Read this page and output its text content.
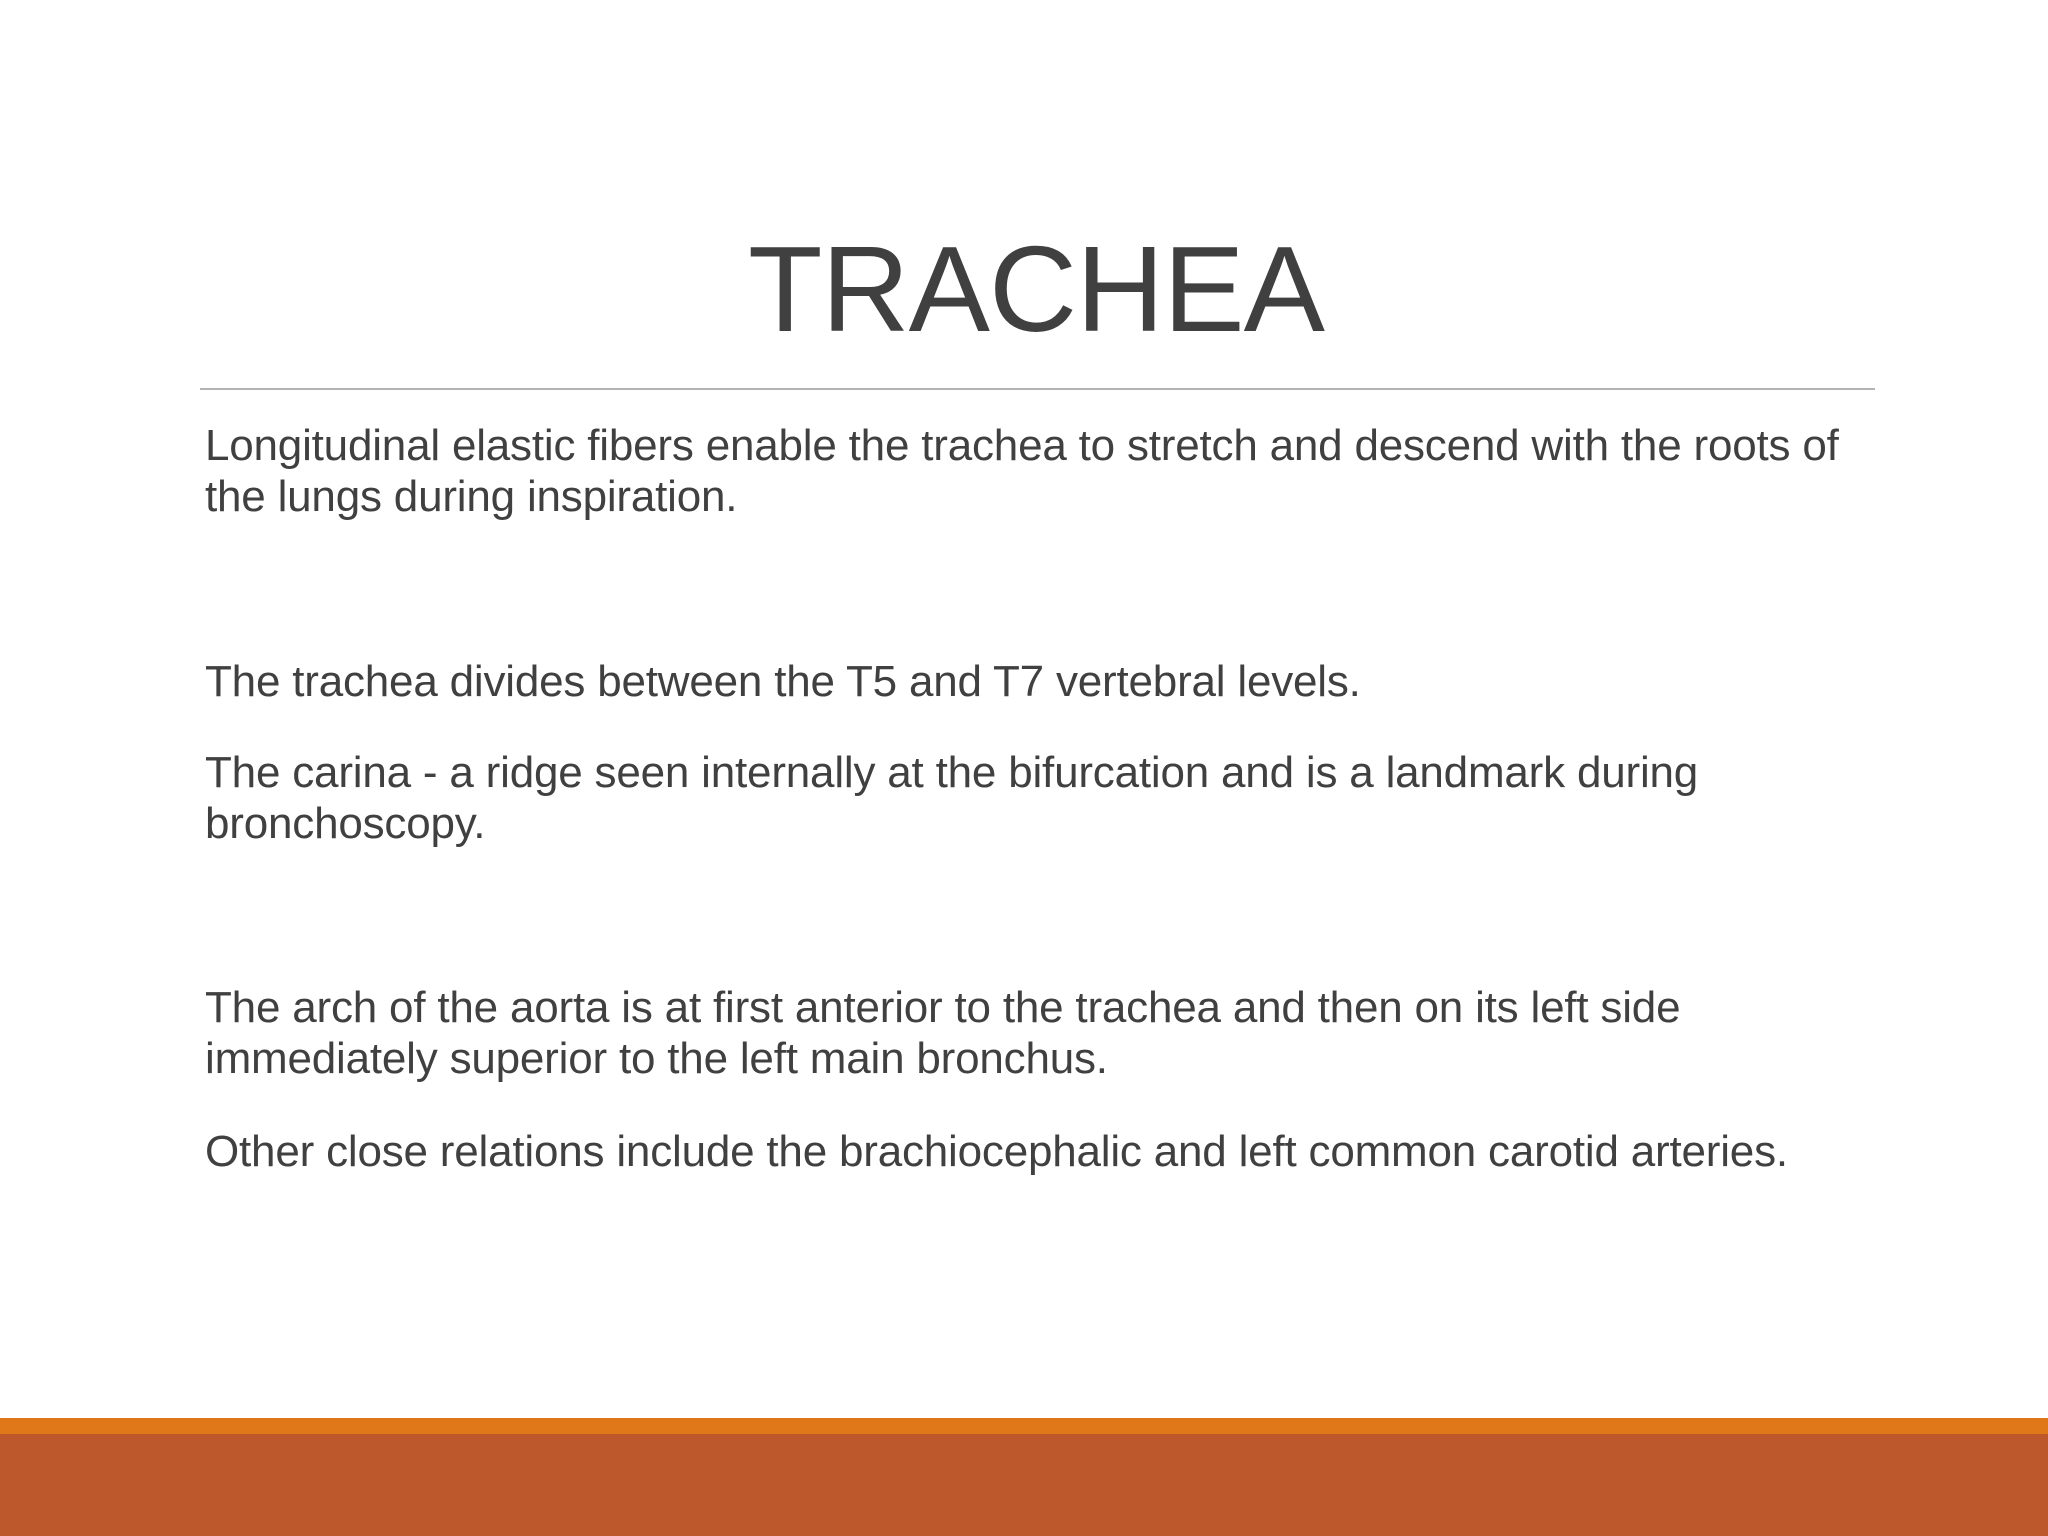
TRACHEA

Longitudinal elastic fibers enable the trachea to stretch and descend with the roots of the lungs during inspiration.

The trachea divides between the T5 and T7 vertebral levels.

The carina - a ridge seen internally at the bifurcation and is a landmark during bronchoscopy.

The arch of the aorta is at first anterior to the trachea and then on its left side immediately superior to the left main bronchus.

Other close relations include the brachiocephalic and left common carotid arteries.
